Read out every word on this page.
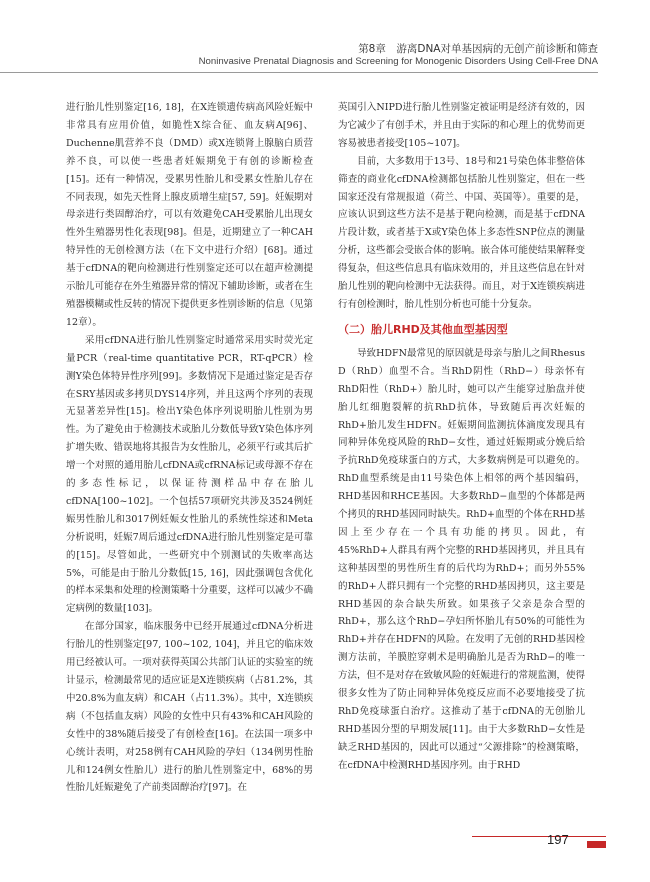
第8章　游离DNA对单基因病的无创产前诊断和筛查
Noninvasive Prenatal Diagnosis and Screening for Monogenic Disorders Using Cell-Free DNA

进行胎儿性别鉴定[16, 18]，在X连锁遗传病高风险妊娠中非常具有应用价值，如脆性X综合征、血友病A[96]、Duchenne肌营养不良（DMD）或X连锁肾上腺脑白质营养不良，可以使一些患者妊娠期免于有创的诊断检查[15]。还有一种情况，受累男性胎儿和受累女性胎儿存在不同表现，如先天性肾上腺皮质增生症[57, 59]。妊娠期对母亲进行类固醇治疗，可以有效避免CAH受累胎儿出现女性外生殖器男性化表现[98]。但是，近期建立了一种CAH特异性的无创检测方法（在下文中进行介绍）[68]。通过基于cfDNA的靶向检测进行性别鉴定还可以在超声检测提示胎儿可能存在外生殖器异常的情况下辅助诊断，或者在生殖器模糊或性反转的情况下提供更多性别诊断的信息（见第12章）。

采用cfDNA进行胎儿性别鉴定时通常采用实时荧光定量PCR（real-time quantitative PCR，RT-qPCR）检测Y染色体特异性序列[99]。多数情况下是通过鉴定是否存在SRY基因或多拷贝DYS14序列，并且这两个序列的表现无显著差异性[15]。检出Y染色体序列说明胎儿性别为男性。为了避免由于检测技术或胎儿分数低导致Y染色体序列扩增失败、错误地将其报告为女性胎儿，必须平行或其后扩增一个对照的通用胎儿cfDNA或cfRNA标记或母源不存在的多态性标记，以保证待测样品中存在胎儿cfDNA[100~102]。一个包括57项研究共涉及3524例妊娠男性胎儿和3017例妊娠女性胎儿的系统性综述和Meta分析说明，妊娠7周后通过cfDNA进行胎儿性别鉴定是可靠的[15]。尽管如此，一些研究中个别测试的失败率高达5%，可能是由于胎儿分数低[15, 16]，因此强调包含优化的样本采集和处理的检测策略十分重要，这样可以减少不确定病例的数量[103]。

在部分国家，临床服务中已经开展通过cfDNA分析进行胎儿的性别鉴定[97, 100~102, 104]，并且它的临床效用已经被认可。一项对获得英国公共部门认证的实验室的统计显示，检测最常见的适应证是X连锁疾病（占81.2%，其中20.8%为血友病）和CAH（占11.3%）。其中，X连锁疾病（不包括血友病）风险的女性中只有43%和CAH风险的女性中的38%随后接受了有创检查[16]。在法国一项多中心统计表明，对258例有CAH风险的孕妇（134例男性胎儿和124例女性胎儿）进行的胎儿性别鉴定中，68%的男性胎儿妊娠避免了产前类固醇治疗[97]。在

英国引入NIPD进行胎儿性别鉴定被证明是经济有效的，因为它减少了有创手术，并且由于实际的和心理上的优势而更容易被患者接受[105~107]。

目前，大多数用于13号、18号和21号染色体非整倍体筛查的商业化cfDNA检测都包括胎儿性别鉴定，但在一些国家还没有常规报道（荷兰、中国、英国等）。重要的是，应该认识到这些方法不是基于靶向检测，而是基于cfDNA片段计数，或者基于X或Y染色体上多态性SNP位点的测量分析，这些都会受嵌合体的影响。嵌合体可能使结果解释变得复杂，但这些信息具有临床效用的，并且这些信息在针对胎儿性别的靶向检测中无法获得。而且，对于X连锁疾病进行有创检测时，胎儿性别分析也可能十分复杂。

（二）胎儿RHD及其他血型基因型

导致HDFN最常见的原因就是母亲与胎儿之间Rhesus D（RhD）血型不合。当RhD阴性（RhD−）母亲怀有RhD阳性（RhD+）胎儿时，她可以产生能穿过胎盘并使胎儿红细胞裂解的抗RhD抗体，导致随后再次妊娠的RhD+胎儿发生HDFN。妊娠期间监测抗体滴度发现具有同种异体免疫风险的RhD−女性，通过妊娠期或分娩后给予抗RhD免疫球蛋白的方式，大多数病例是可以避免的。RhD血型系统是由11号染色体上相邻的两个基因编码，RHD基因和RHCE基因。大多数RhD−血型的个体都是两个拷贝的RHD基因同时缺失。RhD+血型的个体在RHD基因上至少存在一个具有功能的拷贝。因此，有45%RhD+人群具有两个完整的RHD基因拷贝，并且具有这种基因型的男性所生育的后代均为RhD+；而另外55%的RhD+人群只拥有一个完整的RHD基因拷贝，这主要是RHD基因的杂合缺失所致。如果孩子父亲是杂合型的RhD+，那么这个RhD−孕妇所怀胎儿有50%的可能性为RhD+并存在HDFN的风险。在发明了无创的RHD基因检测方法前，羊膜腔穿刺术是明确胎儿是否为RhD−的唯一方法，但不是对存在致敏风险的妊娠进行的常规监测，使得很多女性为了防止同种异体免疫反应而不必要地接受了抗RhD免疫球蛋白治疗。这推动了基于cfDNA的无创胎儿RHD基因分型的早期发展[11]。由于大多数RhD−女性是缺乏RHD基因的，因此可以通过“父源排除”的检测策略，在cfDNA中检测RHD基因序列。由于RHD

197
